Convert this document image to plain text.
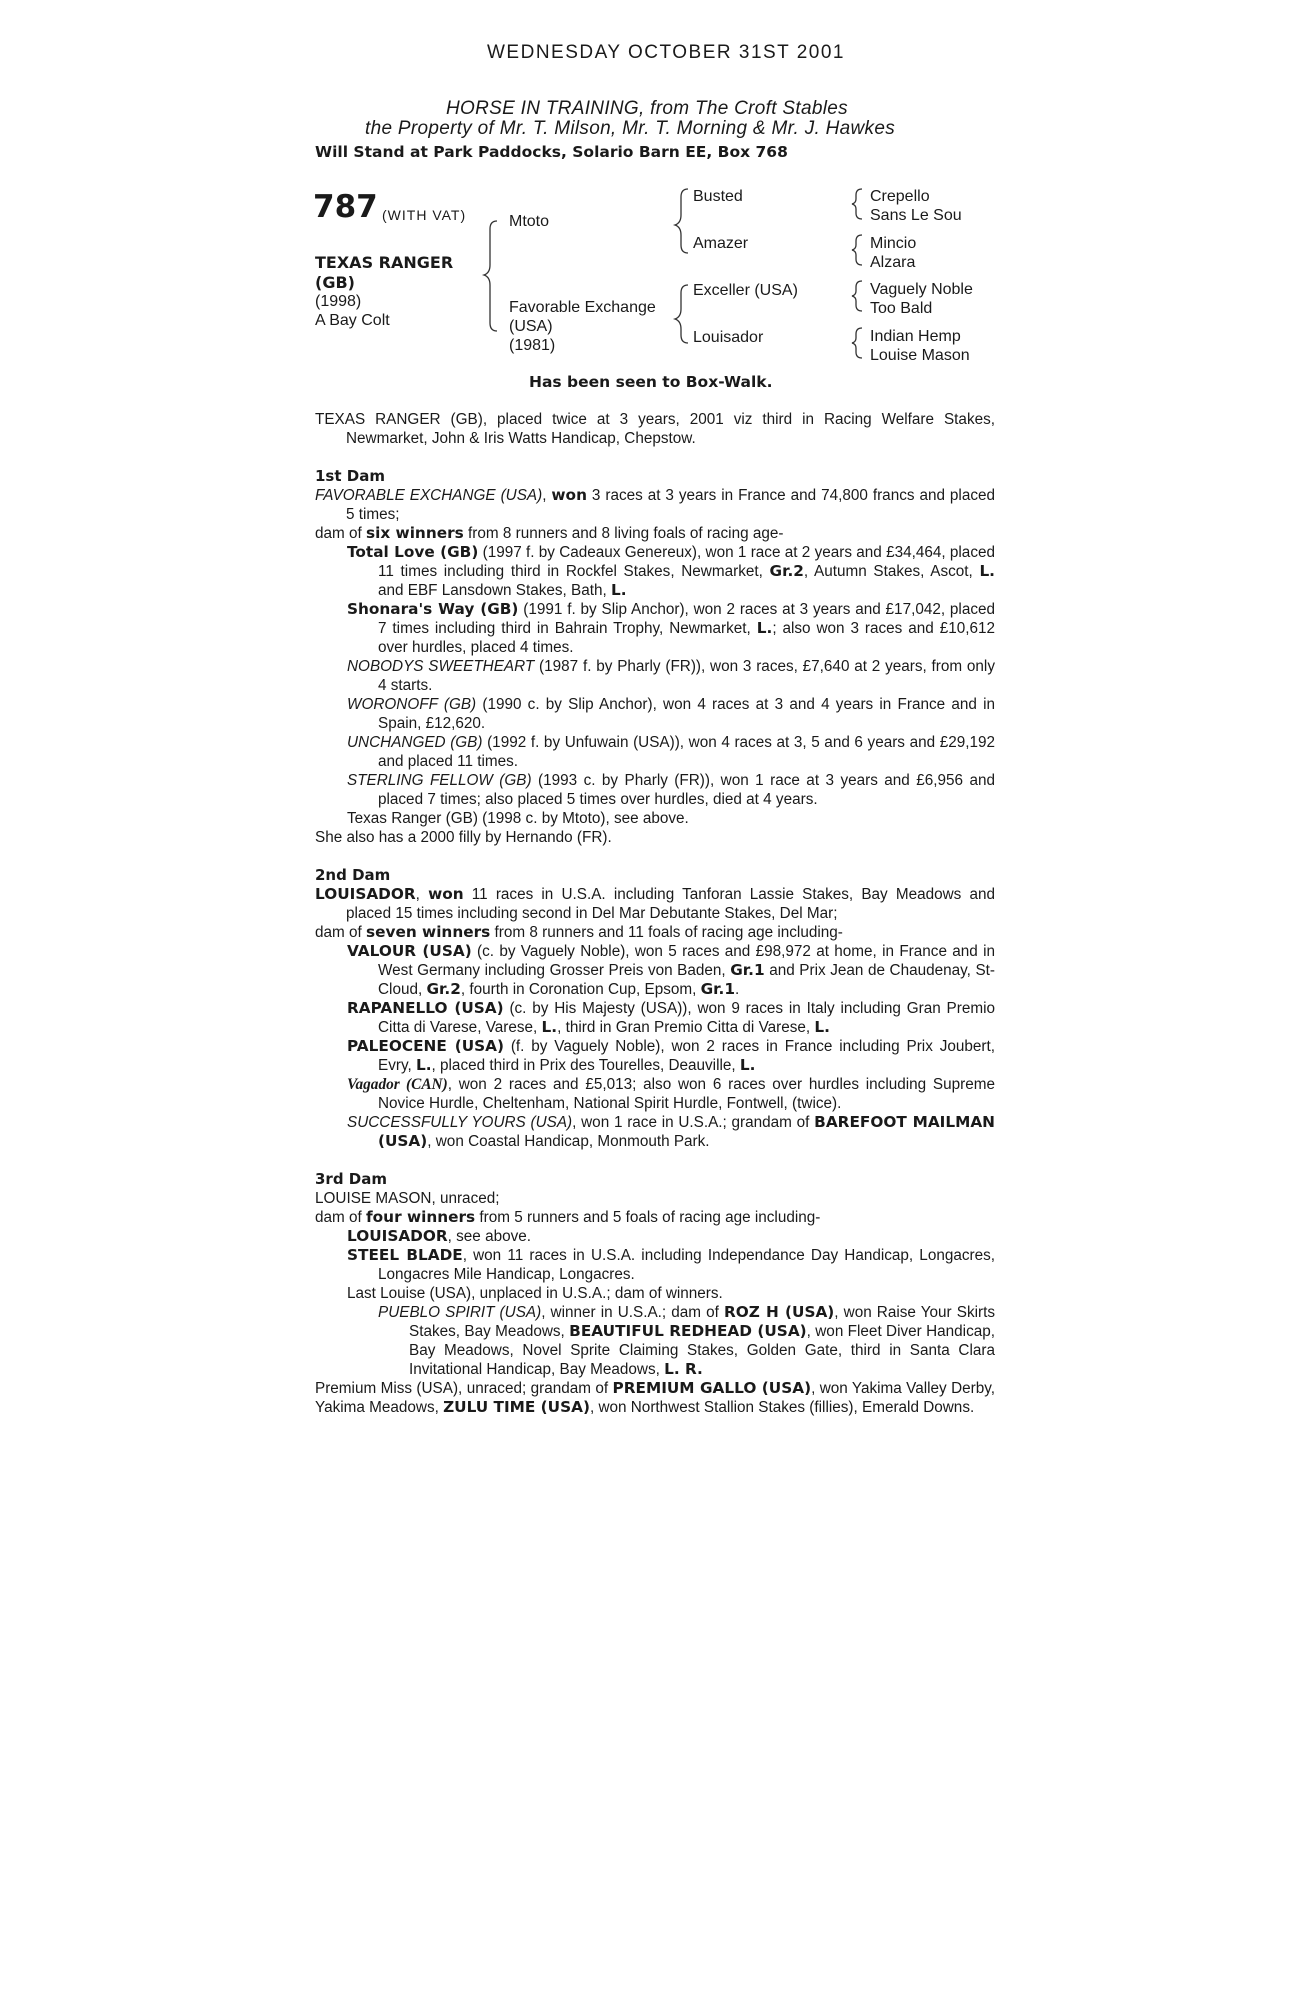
WEDNESDAY OCTOBER 31ST 2001
HORSE IN TRAINING, from The Croft Stables
the Property of Mr. T. Milson, Mr. T. Morning & Mr. J. Hawkes
Will Stand at Park Paddocks, Solario Barn EE, Box 768
787 (WITH VAT)
TEXAS RANGER
(GB)
(1998)
A Bay Colt
Mtoto
Favorable Exchange
(USA)
(1981)
Busted
Amazer
Exceller (USA)
Louisador
Crepello
Sans Le Sou
Mincio
Alzara
Vaguely Noble
Too Bald
Indian Hemp
Louise Mason
Has been seen to Box-Walk.

TEXAS RANGER (GB), placed twice at 3 years, 2001 viz third in Racing Welfare Stakes, Newmarket, John & Iris Watts Handicap, Chepstow.

1st Dam

FAVORABLE EXCHANGE (USA), won 3 races at 3 years in France and 74,800 francs and placed 5 times;

dam of six winners from 8 runners and 8 living foals of racing age-

Total Love (GB) (1997 f. by Cadeaux Genereux), won 1 race at 2 years and £34,464, placed 11 times including third in Rockfel Stakes, Newmarket, Gr.2, Autumn Stakes, Ascot, L. and EBF Lansdown Stakes, Bath, L.

Shonara's Way (GB) (1991 f. by Slip Anchor), won 2 races at 3 years and £17,042, placed 7 times including third in Bahrain Trophy, Newmarket, L.; also won 3 races and £10,612 over hurdles, placed 4 times.

NOBODYS SWEETHEART (1987 f. by Pharly (FR)), won 3 races, £7,640 at 2 years, from only 4 starts.

WORONOFF (GB) (1990 c. by Slip Anchor), won 4 races at 3 and 4 years in France and in Spain, £12,620.

UNCHANGED (GB) (1992 f. by Unfuwain (USA)), won 4 races at 3, 5 and 6 years and £29,192 and placed 11 times.

STERLING FELLOW (GB) (1993 c. by Pharly (FR)), won 1 race at 3 years and £6,956 and placed 7 times; also placed 5 times over hurdles, died at 4 years.

Texas Ranger (GB) (1998 c. by Mtoto), see above.

She also has a 2000 filly by Hernando (FR).

2nd Dam

LOUISADOR, won 11 races in U.S.A. including Tanforan Lassie Stakes, Bay Meadows and placed 15 times including second in Del Mar Debutante Stakes, Del Mar;

dam of seven winners from 8 runners and 11 foals of racing age including-

VALOUR (USA) (c. by Vaguely Noble), won 5 races and £98,972 at home, in France and in West Germany including Grosser Preis von Baden, Gr.1 and Prix Jean de Chaudenay, St-Cloud, Gr.2, fourth in Coronation Cup, Epsom, Gr.1.

RAPANELLO (USA) (c. by His Majesty (USA)), won 9 races in Italy including Gran Premio Citta di Varese, Varese, L., third in Gran Premio Citta di Varese, L.

PALEOCENE (USA) (f. by Vaguely Noble), won 2 races in France including Prix Joubert, Evry, L., placed third in Prix des Tourelles, Deauville, L.

Vagador (CAN), won 2 races and £5,013; also won 6 races over hurdles including Supreme Novice Hurdle, Cheltenham, National Spirit Hurdle, Fontwell, (twice).

SUCCESSFULLY YOURS (USA), won 1 race in U.S.A.; grandam of BAREFOOT MAILMAN (USA), won Coastal Handicap, Monmouth Park.

3rd Dam

LOUISE MASON, unraced;

dam of four winners from 5 runners and 5 foals of racing age including-

LOUISADOR, see above.

STEEL BLADE, won 11 races in U.S.A. including Independance Day Handicap, Longacres, Longacres Mile Handicap, Longacres.

Last Louise (USA), unplaced in U.S.A.; dam of winners.

PUEBLO SPIRIT (USA), winner in U.S.A.; dam of ROZ H (USA), won Raise Your Skirts Stakes, Bay Meadows, BEAUTIFUL REDHEAD (USA), won Fleet Diver Handicap, Bay Meadows, Novel Sprite Claiming Stakes, Golden Gate, third in Santa Clara Invitational Handicap, Bay Meadows, L. R.

Premium Miss (USA), unraced; grandam of PREMIUM GALLO (USA), won Yakima Valley Derby, Yakima Meadows, ZULU TIME (USA), won Northwest Stallion Stakes (fillies), Emerald Downs.
